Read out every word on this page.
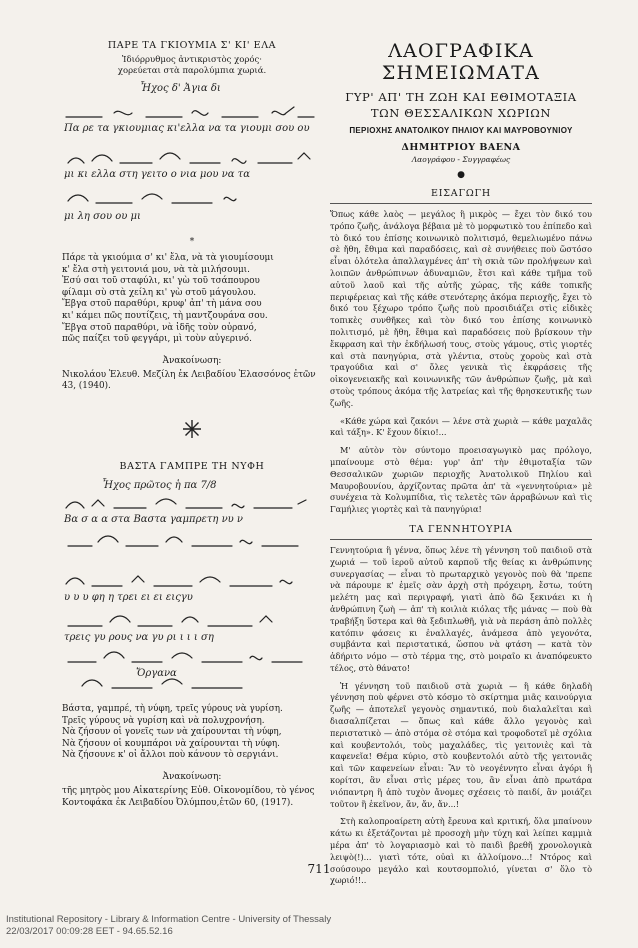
ΠΑΡΕ ΤΑ ΓΚΙΟΥΜΙΑ Σ' ΚΙ' ΕΛΑ
Ἰδιόρρυθμος ἀντικριστὸς χορός·
χορεύεται στὰ παρολύμπια χωριά.
Ἦχος δ' Ἀγια δι
Πα ρε τα γκιουμιας κι'ελλα να τα γιουμι σου ου
μι κι ελλα στη γειτο ο νια μου να τα
μι λη σου ου μι
*
Πάρε τὰ γκιούμια σ' κι' ἔλα, νὰ τὰ γιουμίσουμι
κ' ἔλα στὴ γειτονιά μου, νὰ τὰ μιλήσουμι.
Ἐσύ σαι τοῦ σταφύλι, κι' γὼ τοῦ τσάπουρου
φίλαμι σὺ στὰ χείλη κι' γὼ στοῦ μάγουλου.
Ἔβγα στοῦ παραθύρι, κρυφ' ἀπ' τὴ μάνα σου
κι' κάμει πῶς πουτίζεις, τὴ μαντζουράνα σου.
Ἔβγα στοῦ παραθύρι, νὰ ἰδῆς τοὺν οὐρανό,
πῶς παίζει τοῦ φεγγάρι, μὶ τοὺν αὐγερινό.
Ἀνακοίνωση:
Νικολάου Ἐλευθ. Μεζίλη ἐκ Λειβαδίου Ἐλασσόνος ἐτῶν 43, (1940).
ΒΑΣΤΑ ΓΑΜΠΡΕ ΤΗ ΝΥΦΗ
Ἦχος πρῶτος ἡ πα 7/8
Βα σ α α στα Βαστα γαμπρετη νυ ν
υ υ υ φη η τρει ει ει ειςγυ
τρεις γυ ρους να γυ ρι ι ι ι ση
Ὄργανα
Βάστα, γαμπρέ, τὴ νύφη, τρεῖς γύρους νὰ γυρίση.
Τρεῖς γύρους νὰ γυρίση καὶ νὰ πολυχρονήση.
Νὰ ζήσουν οἱ γονεῖς των νὰ χαίρουνται τὴ νύφη,
Νὰ ζήσουν οἱ κουμπάροι νὰ χαίρουνται τὴ νύφη.
Νὰ ζήσουνε κ' οἱ ἄλλοι ποὺ κάνουν τὸ σεργιάνι.
Ἀνακοίνωση:
τῆς μητρὸς μου Αἰκατερίνης Εὐθ. Οἰκονομίδου, τὸ γένος Κοντοφάκα ἐκ Λειβαδίου Ὀλύμπου,ἐτῶν 60, (1917).
ΛΑΟΓΡΑΦΙΚΑ ΣΗΜΕΙΩΜΑΤΑ
ΓΥΡ' ΑΠ' ΤΗ ΖΩΗ ΚΑΙ ΕΘΙΜΟΤΑΞΙΑ
ΤΩΝ ΘΕΣΣΑΛΙΚΩΝ ΧΩΡΙΩΝ
ΠΕΡΙΟΧΗΣ ΑΝΑΤΟΛΙΚΟΥ ΠΗΛΙΟΥ ΚΑΙ ΜΑΥΡΟΒΟΥΝΙΟΥ
ΔΗΜΗΤΡΙΟΥ ΒΑΕΝΑ
Λαογράφου - Συγγραφέως
●
ΕΙΣΑΓΩΓΗ
Ὅπως κάθε λαὸς — μεγάλος ἢ μικρὸς — ἔχει τὸν δικό του τρόπο ζωῆς, ἀνάλογα βέβαια μὲ τὸ μορφωτικὸ του ἐπίπεδο καὶ τὸ δικό του ἐπίσης κοινωνικὸ πολιτισμό, θεμελιωμένο πάνω σὲ ἤθη, ἔθιμα καὶ παραδόσεις, καὶ σὲ συνήθειες ποὺ ὥστόσο εἶναι ὁλότελα ἀπαλλαγμένες ἀπ' τὴ σκιὰ τῶν προλήψεων καὶ λοιπῶν ἀνθρώπινων ἀδυναμιῶν, ἔτσι καὶ κάθε τμῆμα τοῦ αὐτοῦ λαοῦ καὶ τῆς αὐτῆς χώρας, τῆς κάθε τοπικῆς περιφέρειας καὶ τῆς κάθε στενότερης ἀκόμα περιοχῆς, ἔχει τὸ δικό του ξέχωρο τρόπο ζωῆς ποὺ προσιδιάζει στὶς εἰδικὲς τοπικὲς συνθῆκες καὶ τὸν δικό του ἐπίσης κοινωνικὸ πολιτισμό, μὲ ἤθη, ἔθιμα καὶ παραδόσεις ποὺ βρίσκουν τὴν ἔκφραση καὶ τὴν ἐκδήλωσή τους, στοὺς γάμους, στὶς γιορτές καὶ στὰ πανηγύρια, στὰ γλέντια, στοὺς χοροὺς καὶ στὰ τραγούδια καὶ σ' ὅλες γενικὰ τὶς ἐκφράσεις τῆς οἰκογενειακῆς καὶ κοινωνικῆς τῶν ἀνθρώπων ζωῆς, μὰ καὶ στοὺς τρόπους ἀκόμα τῆς λατρείας καὶ τῆς θρησκευτικῆς των ζωῆς.
«Κάθε χώρα καὶ ζακόνι — λένε στὰ χωριὰ — κάθε μαχαλᾶς καὶ τάξη». Κ' ἔχουν δίκιο!...
Μ' αὐτὸν τὸν σύντομο προεισαγωγικὸ μας πρόλογο, μπαίνουμε στὸ θέμα: γυρ' ἀπ' τὴν ἐθιμοταξία τῶν Θεσσαλικῶν χωριῶν περιοχῆς Ἀνατολικοῦ Πηλίου καὶ Μαυροβουνίου, ἀρχίζοντας πρῶτα ἀπ' τὰ «γεννητούρια» μὲ συνέχεια τὰ Κολυμπίδια, τὶς τελετὲς τῶν ἀρραβώνων καὶ τὶς Γαμήλιες γιορτὲς καὶ τὰ πανηγύρια!
ΤΑ ΓΕΝΝΗΤΟΥΡΙΑ
Γεννητούρια ἢ γέννα, ὅπως λένε τὴ γέννηση τοῦ παιδιοῦ στὰ χωριά — τοῦ ἱεροῦ αὐτοῦ καρποῦ τῆς θείας κι ἀνθρώπινης συνεργασίας — εἶναι τὸ πρωταρχικὸ γεγονὸς ποὺ θὰ 'πρεπε νὰ πάρουμε κ' ἐμεῖς σὰν ἀρχὴ στὴ πρόχειρη, ἔστω, τούτη μελέτη μας καὶ περιγραφή, γιατὶ ἀπὸ δῶ ξεκινάει κι ἡ ἀνθρώπινη ζωὴ — ἀπ' τὴ κοιλιὰ κιόλας τῆς μάνας — ποὺ θὰ τραβήξη ὕστερα καὶ θὰ ξεδιπλωθῆ, γιὰ νὰ περάση ἀπὸ πολλὲς κατόπιν φάσεις κι ἐναλλαγές, ἀνάμεσα ἀπὸ γεγονότα, συμβάντα καὶ περιστατικά, ὥσπου νὰ φτάση — κατὰ τὸν ἀδήριτο νόμο — στὸ τέρμα της, στὸ μοιραῖο κι ἀναπόφευκτο τέλος, στὸ θάνατο!
Ἡ γέννηση τοῦ παιδιοῦ στὰ χωριὰ — ἢ κάθε δηλαδὴ γέννηση ποὺ φέρνει στὸ κόσμο τὸ σκίρτημα μιᾶς καινούργια ζωῆς — ἀποτελεῖ γεγονὸς σημαντικό, ποὺ διαλαλεῖται καὶ διασαλπίζεται — ὅπως καὶ κάθε ἄλλο γεγονὸς καὶ περιστατικὸ — ἀπὸ στόμα σὲ στόμα καὶ τροφοδοτεῖ μὲ σχόλια καὶ κουβεντολόι, τοὺς μαχαλάδες, τὶς γειτονιὲς καὶ τὰ καφενεῖα! Θέμα κύριο, στὸ κουβεντολόι αὐτὸ τῆς γειτονιᾶς καὶ τῶν καφενείων εἶναι: Ἂν τὸ νεογέννητο εἶναι ἀγόρι ἢ κορίτσι, ἂν εἶναι στὶς μέρες του, ἂν εἶναι ἀπὸ πρωτάρα νιόπαντρη ἢ ἀπὸ τυχὸν ἄνομες σχέσεις τὸ παιδί, ἂν μοιάζει τοῦτον ἢ ἐκεῖνον, ἄν, ἄν, ἄν...!
Στὴ καλοπροαίρετη αὐτὴ ἔρευνα καὶ κριτική, ὅλα μπαίνουν κάτω κι ἐξετάζονται μὲ προσοχὴ μὴν τύχη καὶ λείπει καμμιὰ μέρα ἀπ' τὸ λογαριασμὸ καὶ τὸ παιδὶ βρεθῆ χρονολογικὰ λειψὸ(!)... γιατὶ τότε, οὐαὶ κι ἀλλοίμονο...! Ντόρος καὶ σούσουρο μεγάλο καὶ κουτσομπολιό, γίνεται σ' ὅλο τὸ χωριό!!..
711
Institutional Repository - Library & Information Centre - University of Thessaly
22/03/2017 00:09:28 EET - 94.65.52.16
